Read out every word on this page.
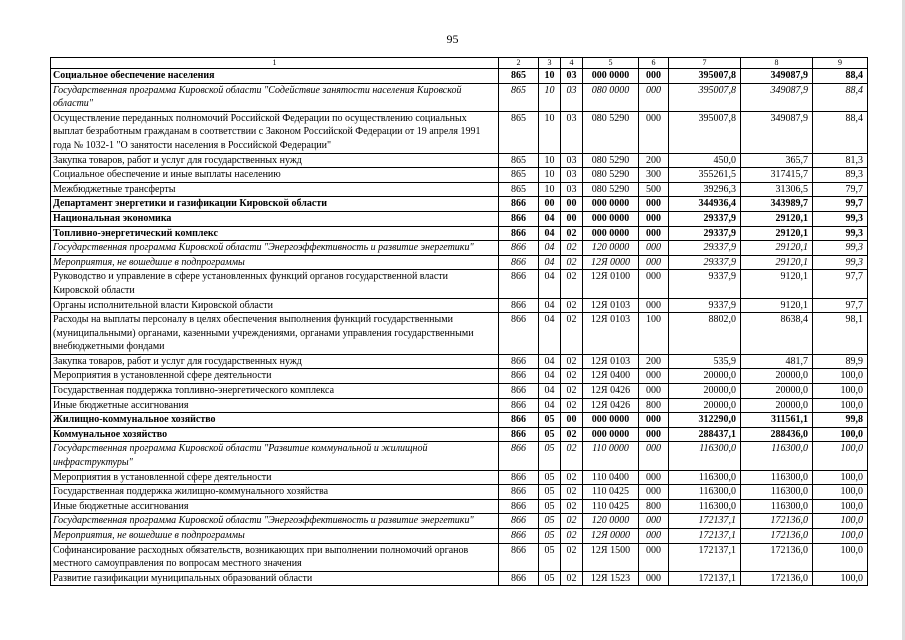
95
1	2	3	4	5	6	7	8	9
Социальное обеспечение населения	865	10	03	000 0000	000	395007,8	349087,9	88,4
Государственная программа Кировской области "Содействие занятости населения Кировской области"	865	10	03	080 0000	000	395007,8	349087,9	88,4
Осуществление переданных полномочий Российской Федерации по осуществлению социальных выплат безработным гражданам в соответствии с Законом Российской Федерации от 19 апреля 1991 года № 1032-1 "О занятости населения в Российской Федерации"	865	10	03	080 5290	000	395007,8	349087,9	88,4
Закупка товаров, работ и услуг для государственных нужд	865	10	03	080 5290	200	450,0	365,7	81,3
Социальное обеспечение и иные выплаты населению	865	10	03	080 5290	300	355261,5	317415,7	89,3
Межбюджетные трансферты	865	10	03	080 5290	500	39296,3	31306,5	79,7
Департамент энергетики и газификации Кировской области	866	00	00	000 0000	000	344936,4	343989,7	99,7
Национальная экономика	866	04	00	000 0000	000	29337,9	29120,1	99,3
Топливно-энергетический комплекс	866	04	02	000 0000	000	29337,9	29120,1	99,3
Государственная программа Кировской области "Энергоэффективность и развитие энергетики"	866	04	02	120 0000	000	29337,9	29120,1	99,3
Мероприятия, не вошедшие в подпрограммы	866	04	02	12Я 0000	000	29337,9	29120,1	99,3
Руководство и управление в сфере установленных функций органов государственной власти Кировской области	866	04	02	12Я 0100	000	9337,9	9120,1	97,7
Органы исполнительной власти Кировской области	866	04	02	12Я 0103	000	9337,9	9120,1	97,7
Расходы на выплаты персоналу в целях обеспечения выполнения функций государственными (муниципальными) органами, казенными учреждениями, органами управления государственными внебюджетными фондами	866	04	02	12Я 0103	100	8802,0	8638,4	98,1
Закупка товаров, работ и услуг для государственных нужд	866	04	02	12Я 0103	200	535,9	481,7	89,9
Мероприятия в установленной сфере деятельности	866	04	02	12Я 0400	000	20000,0	20000,0	100,0
Государственная поддержка топливно-энергетического комплекса	866	04	02	12Я 0426	000	20000,0	20000,0	100,0
Иные бюджетные ассигнования	866	04	02	12Я 0426	800	20000,0	20000,0	100,0
Жилищно-коммунальное хозяйство	866	05	00	000 0000	000	312290,0	311561,1	99,8
Коммунальное хозяйство	866	05	02	000 0000	000	288437,1	288436,0	100,0
Государственная программа Кировской области "Развитие коммунальной и жилищной инфраструктуры"	866	05	02	110 0000	000	116300,0	116300,0	100,0
Мероприятия в установленной сфере деятельности	866	05	02	110 0400	000	116300,0	116300,0	100,0
Государственная поддержка жилищно-коммунального хозяйства	866	05	02	110 0425	000	116300,0	116300,0	100,0
Иные бюджетные ассигнования	866	05	02	110 0425	800	116300,0	116300,0	100,0
Государственная программа Кировской области "Энергоэффективность и развитие энергетики"	866	05	02	120 0000	000	172137,1	172136,0	100,0
Мероприятия, не вошедшие в подпрограммы	866	05	02	12Я 0000	000	172137,1	172136,0	100,0
Софинансирование расходных обязательств, возникающих при выполнении полномочий органов местного самоуправления по вопросам местного значения	866	05	02	12Я 1500	000	172137,1	172136,0	100,0
Развитие газификации муниципальных образований области	866	05	02	12Я 1523	000	172137,1	172136,0	100,0
